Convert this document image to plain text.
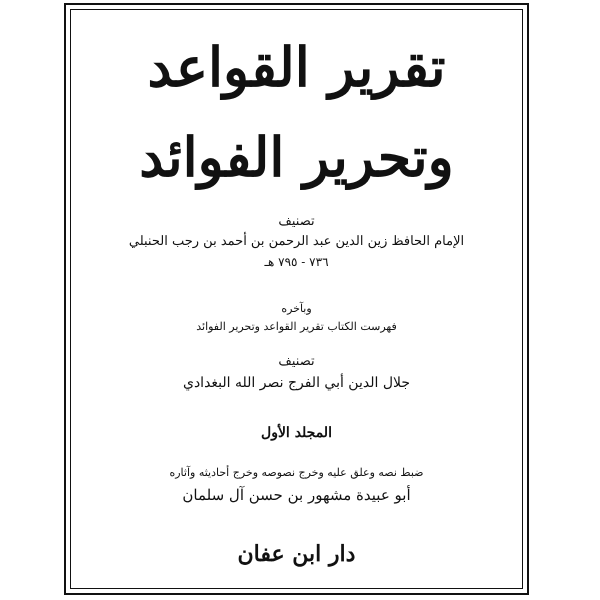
تقرير القواعد
وتحرير الفوائد
تصنيف
الإمام الحافظ زين الدين عبد الرحمن بن أحمد بن رجب الحنبلي
٧٣٦ - ٧٩٥ هـ
وبآخره
فهرست الكتاب تقرير القواعد وتحرير الفوائد
تصنيف
جلال الدين أبي الفرج نصر الله البغدادي
المجلد الأول
ضبط نصه وعلق عليه وخرج نصوصه وخرج أحاديثه وآثاره
أبو عبيدة مشهور بن حسن آل سلمان
دار ابن عفان
